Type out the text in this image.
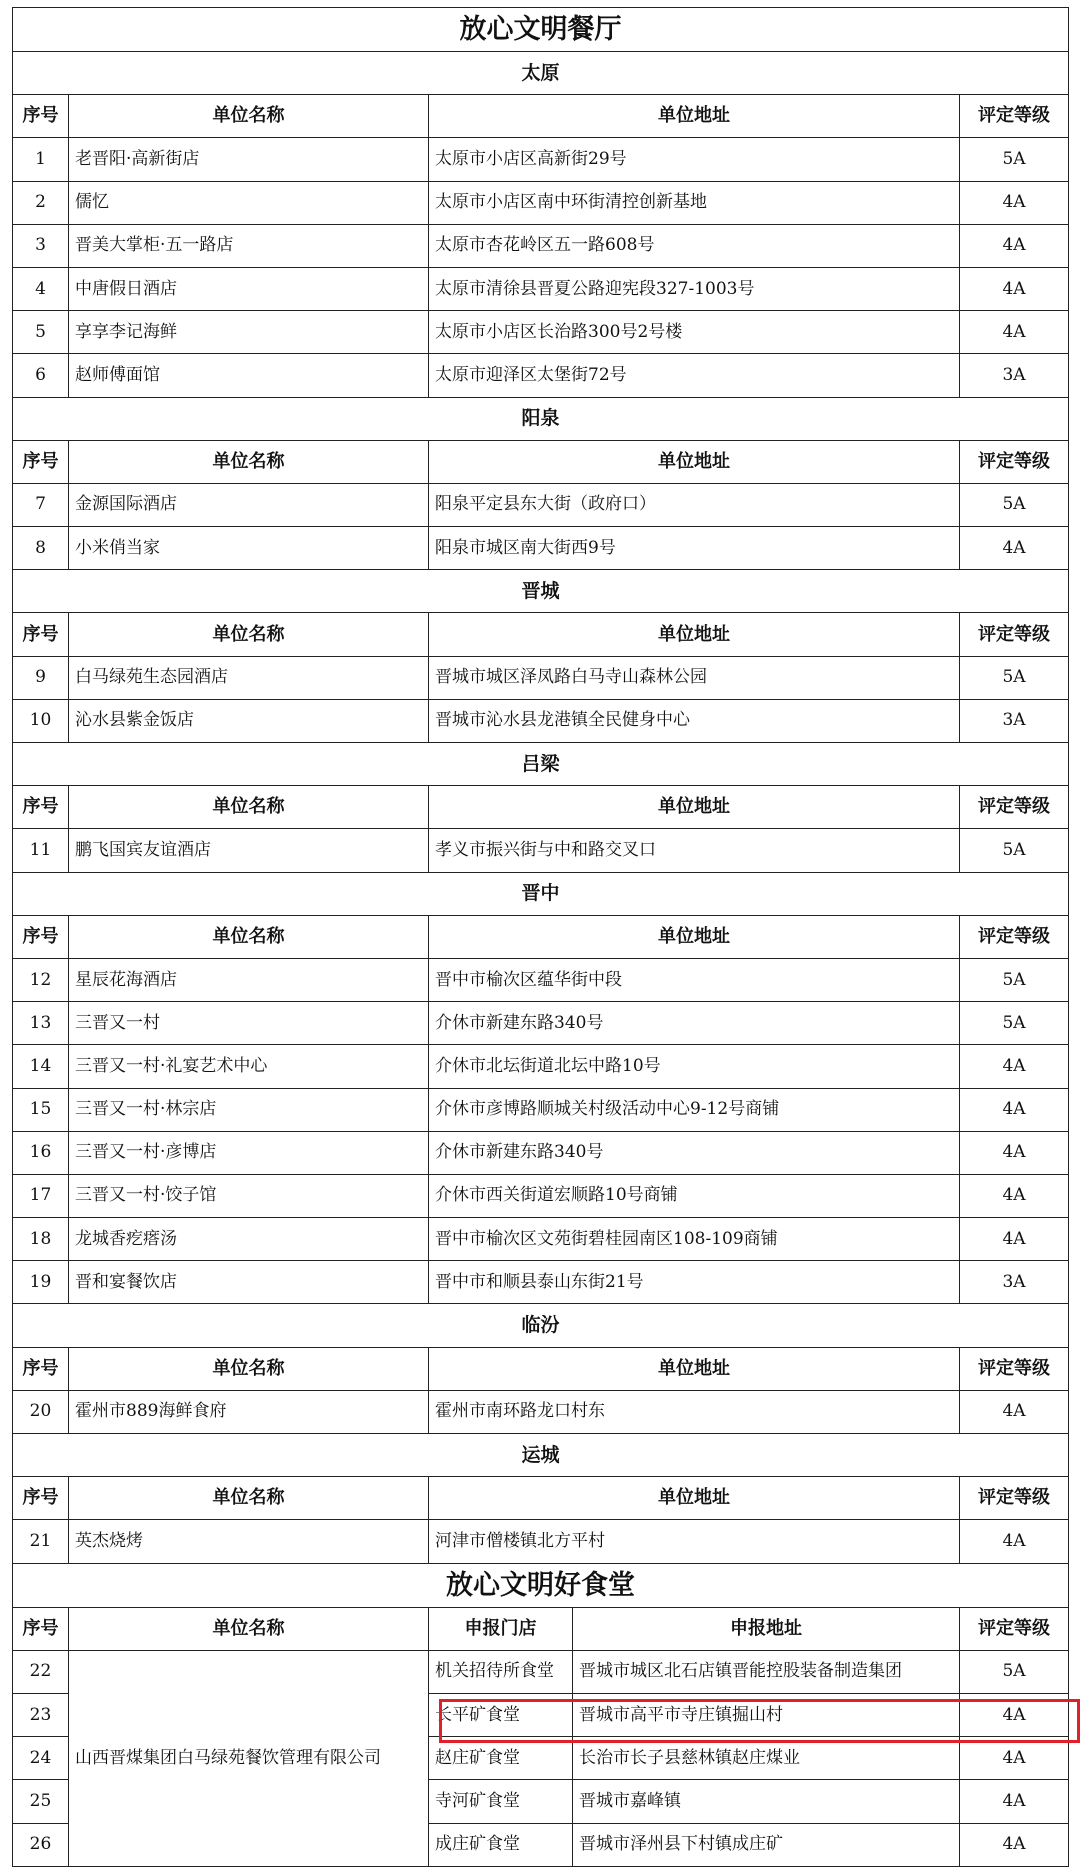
放心文明餐厅				
太原				
序号	单位名称	单位地址		评定等级
1	老晋阳·高新街店	太原市小店区高新街29号		5A
2	儒忆	太原市小店区南中环街清控创新基地		4A
3	晋美大掌柜·五一路店	太原市杏花岭区五一路608号		4A
4	中唐假日酒店	太原市清徐县晋夏公路迎宪段327-1003号		4A
5	享享李记海鲜	太原市小店区长治路300号2号楼		4A
6	赵师傅面馆	太原市迎泽区太堡街72号		3A
阳泉				
序号	单位名称	单位地址		评定等级
7	金源国际酒店	阳泉平定县东大街（政府口）		5A
8	小米俏当家	阳泉市城区南大街西9号		4A
晋城				
序号	单位名称	单位地址		评定等级
9	白马绿苑生态园酒店	晋城市城区泽凤路白马寺山森林公园		5A
10	沁水县紫金饭店	晋城市沁水县龙港镇全民健身中心		3A
吕梁				
序号	单位名称	单位地址		评定等级
11	鹏飞国宾友谊酒店	孝义市振兴街与中和路交叉口		5A
晋中				
序号	单位名称	单位地址		评定等级
12	星辰花海酒店	晋中市榆次区蕴华街中段		5A
13	三晋又一村	介休市新建东路340号		5A
14	三晋又一村·礼宴艺术中心	介休市北坛街道北坛中路10号		4A
15	三晋又一村·林宗店	介休市彦博路顺城关村级活动中心9-12号商铺		4A
16	三晋又一村·彦博店	介休市新建东路340号		4A
17	三晋又一村·饺子馆	介休市西关街道宏顺路10号商铺		4A
18	龙城香疙瘩汤	晋中市榆次区文苑街碧桂园南区108-109商铺		4A
19	晋和宴餐饮店	晋中市和顺县泰山东街21号		3A
临汾				
序号	单位名称	单位地址		评定等级
20	霍州市889海鲜食府	霍州市南环路龙口村东		4A
运城				
序号	单位名称	单位地址		评定等级
21	英杰烧烤	河津市僧楼镇北方平村		4A
放心文明好食堂				
序号	单位名称	申报门店	申报地址	评定等级
22	山西晋煤集团白马绿苑餐饮管理有限公司	机关招待所食堂	晋城市城区北石店镇晋能控股装备制造集团	5A
23		长平矿食堂	晋城市高平市寺庄镇掘山村	4A
24		赵庄矿食堂	长治市长子县慈林镇赵庄煤业	4A
25		寺河矿食堂	晋城市嘉峰镇	4A
26		成庄矿食堂	晋城市泽州县下村镇成庄矿	4A
